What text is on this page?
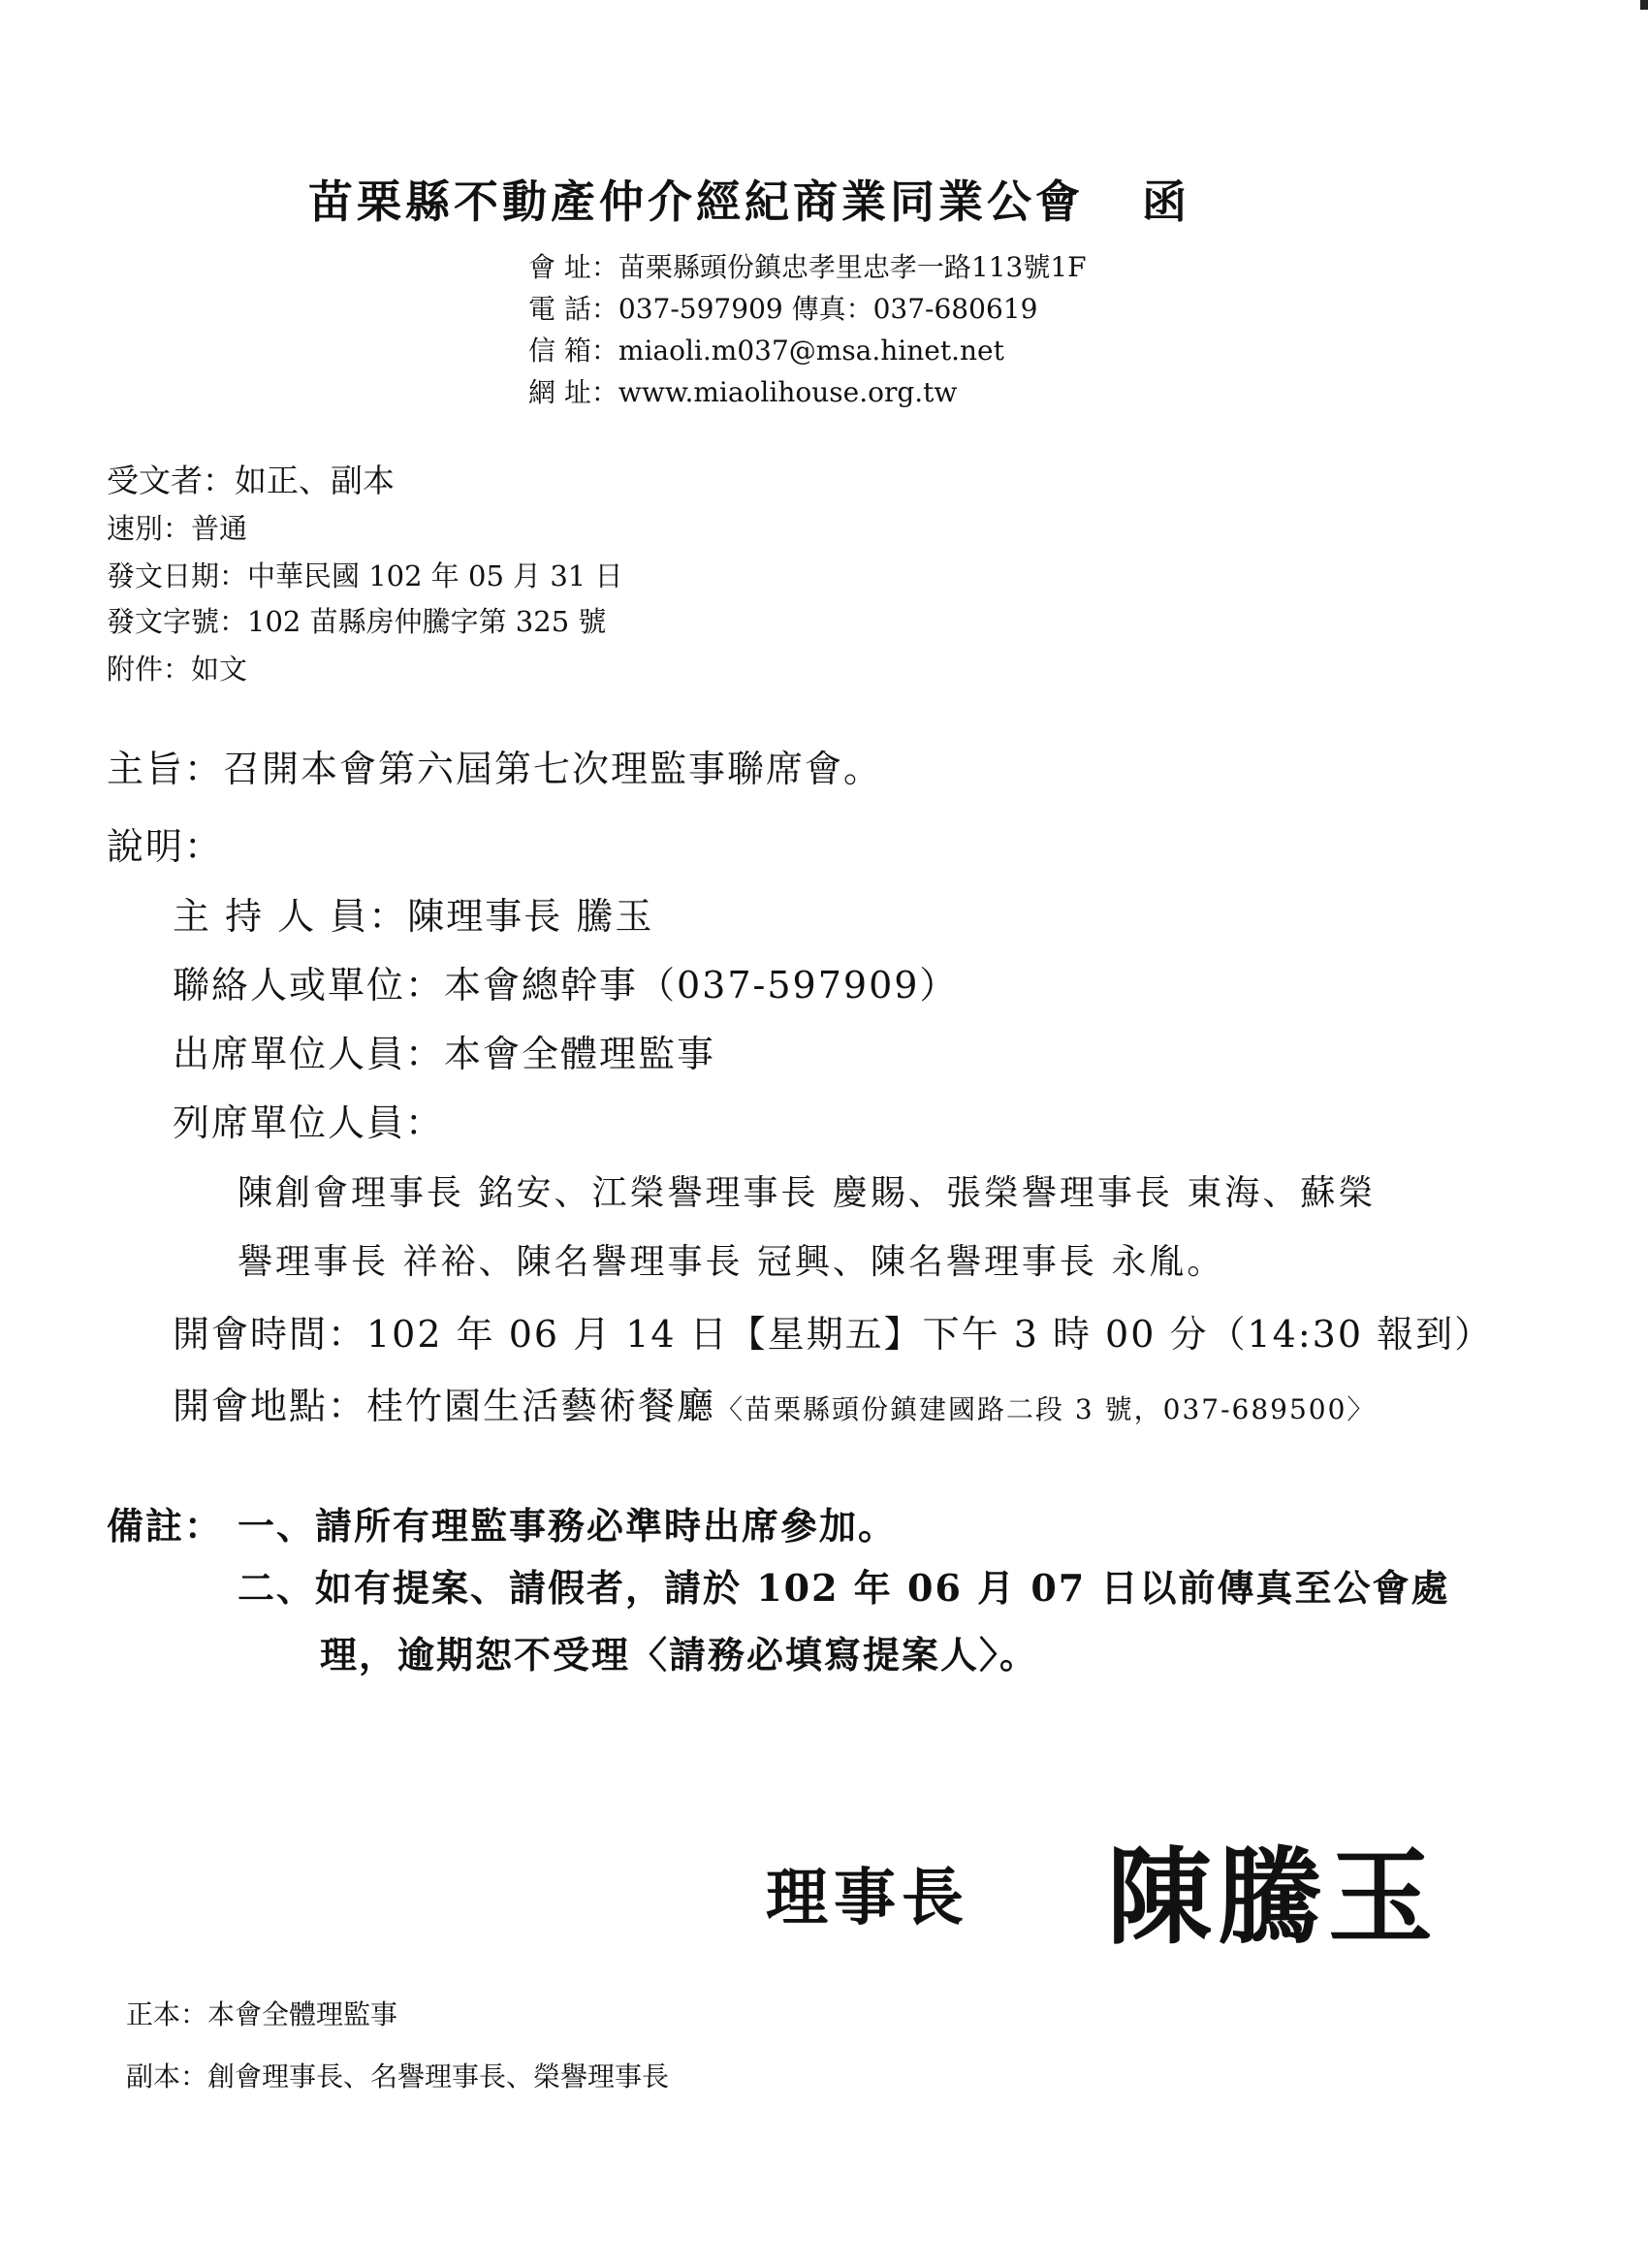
苗栗縣不動產仲介經紀商業同業公會 函
會 址：苗栗縣頭份鎮忠孝里忠孝一路113號1F
電 話：037-597909 傳真：037-680619
信 箱：miaoli.m037@msa.hinet.net
網 址：www.miaolihouse.org.tw
受文者：如正、副本
速別：普通
發文日期：中華民國 102 年 05 月 31 日
發文字號：102 苗縣房仲騰字第 325 號
附件：如文
主旨：召開本會第六屆第七次理監事聯席會。
說明：
主 持 人 員：陳理事長 騰玉
聯絡人或單位：本會總幹事（037-597909）
出席單位人員：本會全體理監事
列席單位人員：
陳創會理事長 銘安、江榮譽理事長 慶賜、張榮譽理事長 東海、蘇榮
譽理事長 祥裕、陳名譽理事長 冠興、陳名譽理事長 永胤。
開會時間：102 年 06 月 14 日【星期五】下午 3 時 00 分（14:30 報到）
開會地點：桂竹園生活藝術餐廳〈苗栗縣頭份鎮建國路二段 3 號，037-689500〉
備註： 一、請所有理監事務必準時出席參加。
二、如有提案、請假者，請於 102 年 06 月 07 日以前傳真至公會處
理，逾期恕不受理〈請務必填寫提案人〉。
理事長 陳騰玉
正本：本會全體理監事
副本：創會理事長、名譽理事長、榮譽理事長
